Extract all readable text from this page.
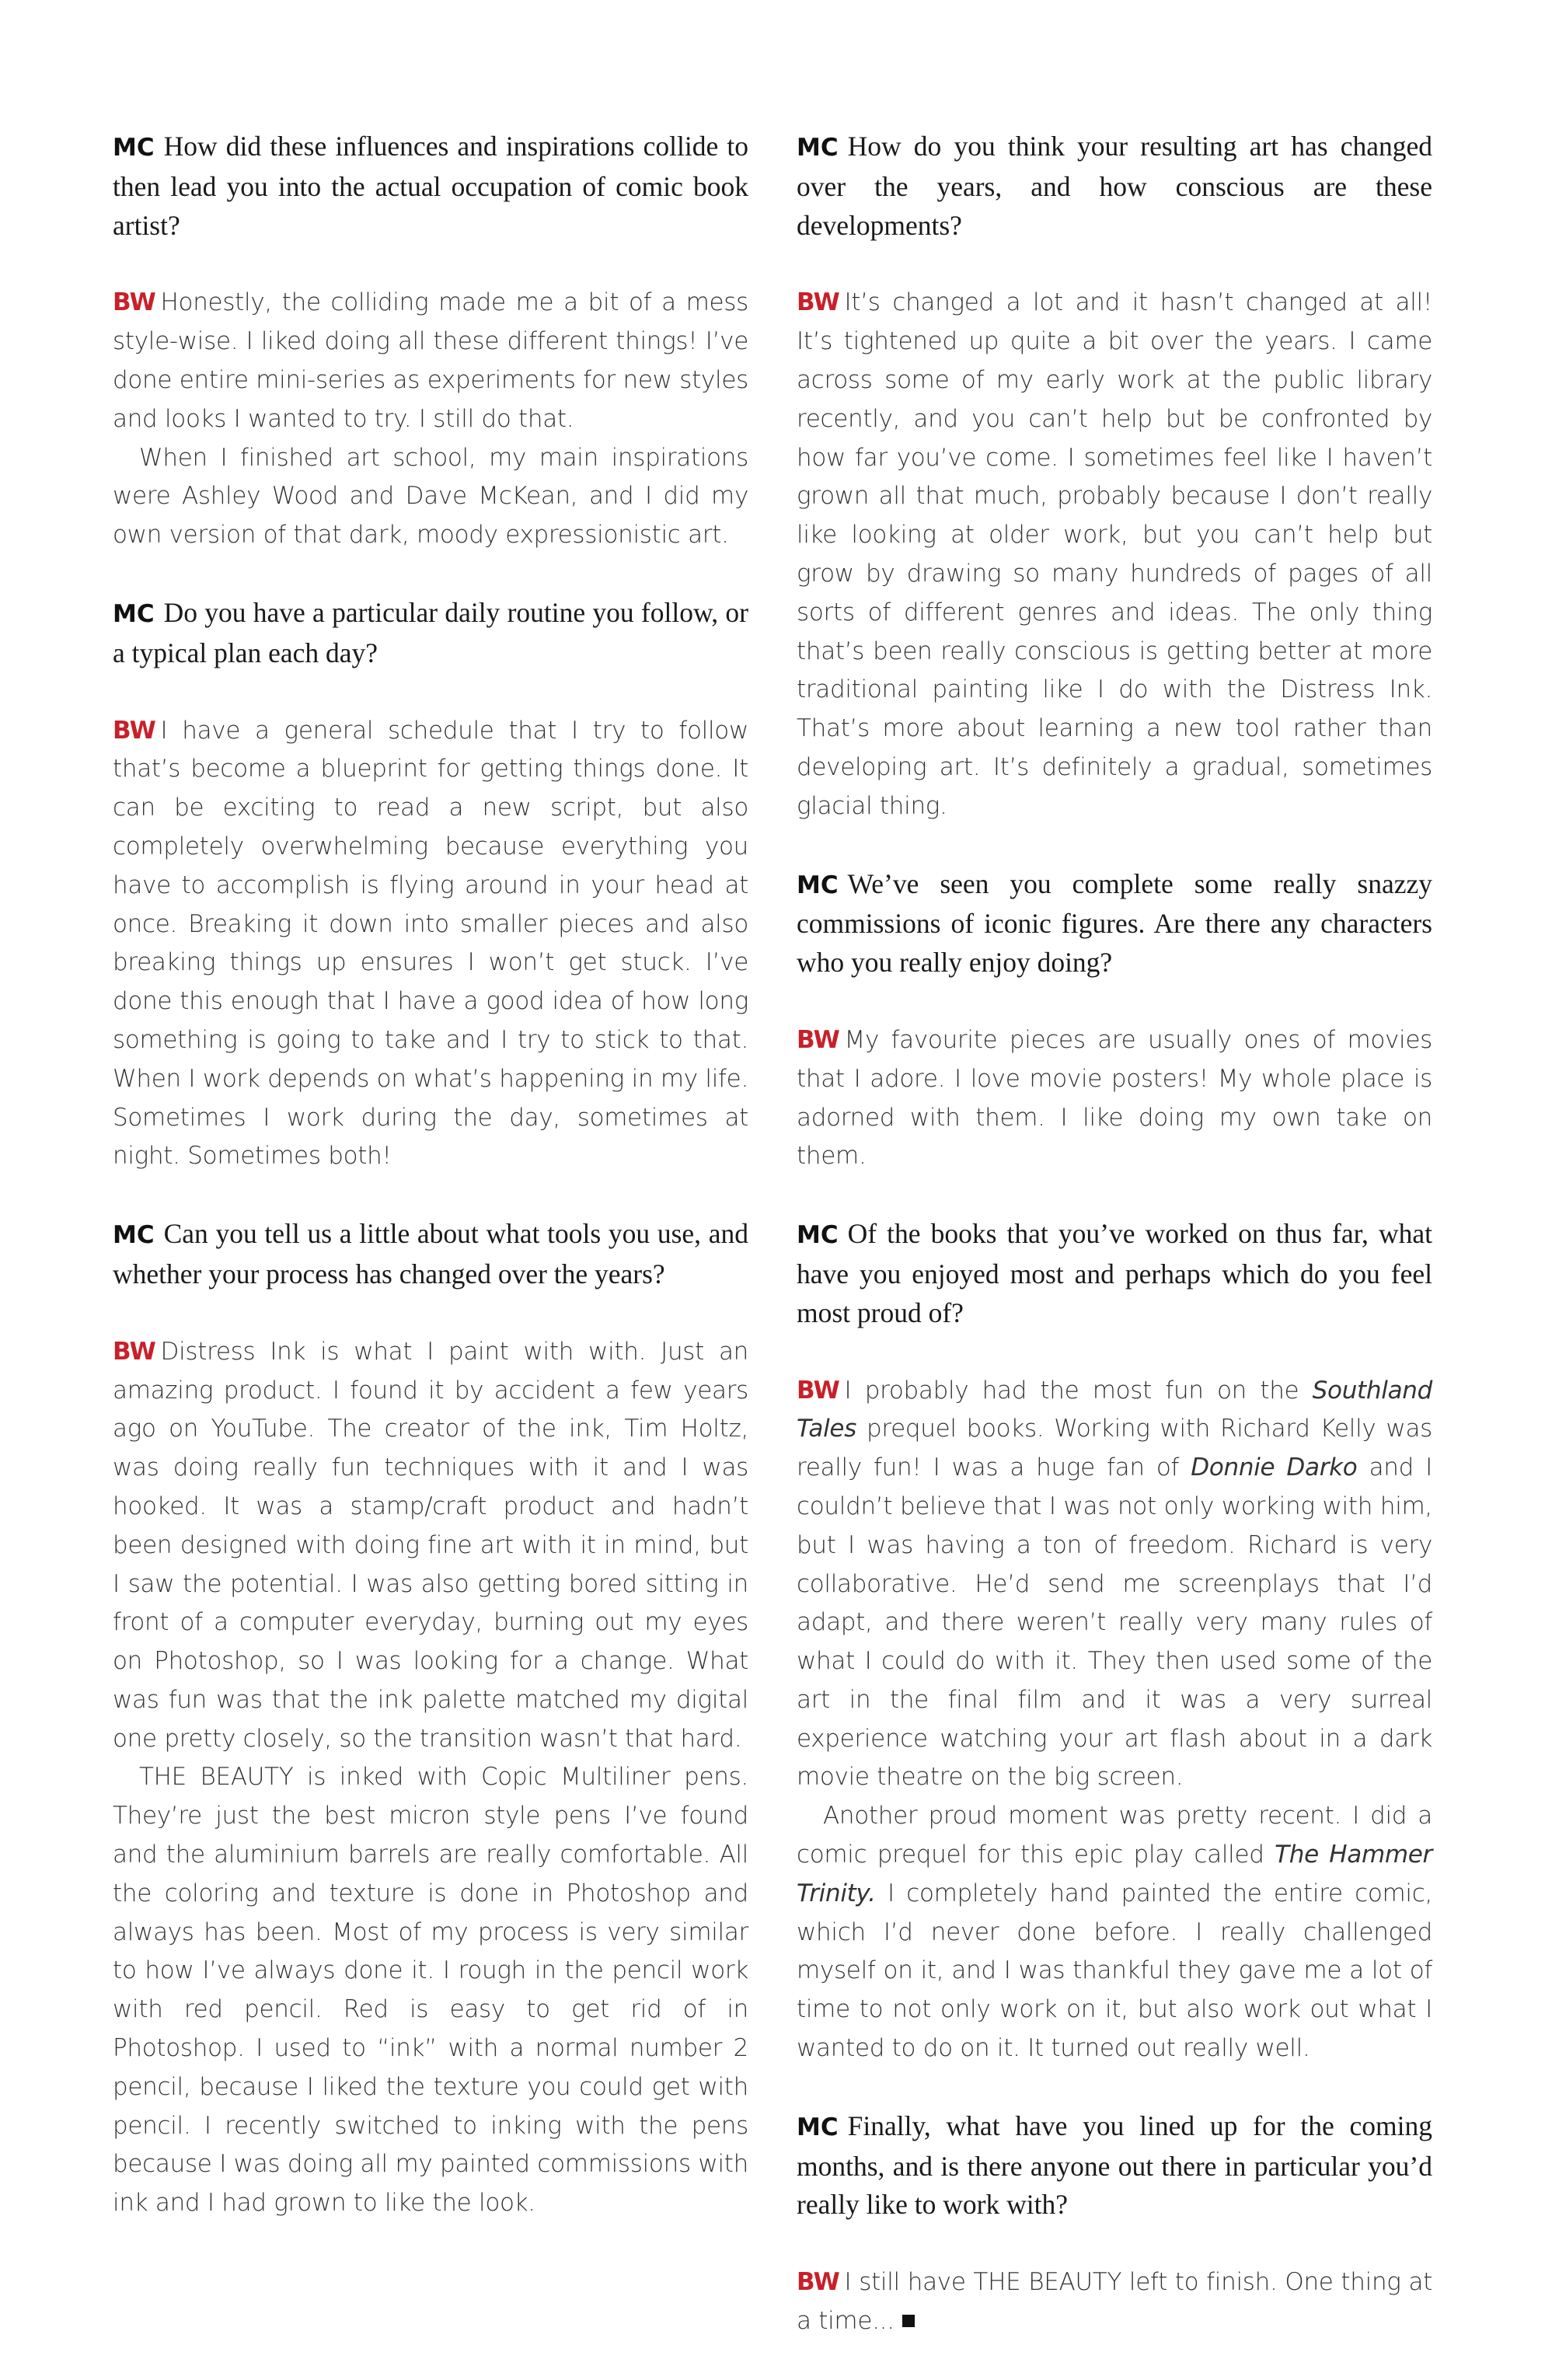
MC How did these influences and inspirations collide to then lead you into the actual occupation of comic book artist?

BW Honestly, the colliding made me a bit of a mess style-wise. I liked doing all these different things! I’ve done entire mini-series as experiments for new styles and looks I wanted to try. I still do that.

When I finished art school, my main inspirations were Ashley Wood and Dave McKean, and I did my own version of that dark, moody expressionistic art.

MC Do you have a particular daily routine you follow, or a typical plan each day?

BW I have a general schedule that I try to follow that’s become a blueprint for getting things done. It can be exciting to read a new script, but also completely overwhelming because everything you have to accomplish is flying around in your head at once. Breaking it down into smaller pieces and also breaking things up ensures I won’t get stuck. I’ve done this enough that I have a good idea of how long something is going to take and I try to stick to that. When I work depends on what’s happening in my life. Sometimes I work during the day, sometimes at night. Sometimes both!

MC Can you tell us a little about what tools you use, and whether your process has changed over the years?

BW Distress Ink is what I paint with with. Just an amazing product. I found it by accident a few years ago on YouTube. The creator of the ink, Tim Holtz, was doing really fun techniques with it and I was hooked. It was a stamp/craft product and hadn’t been designed with doing fine art with it in mind, but I saw the potential. I was also getting bored sitting in front of a computer everyday, burning out my eyes on Photoshop, so I was looking for a change. What was fun was that the ink palette matched my digital one pretty closely, so the transition wasn’t that hard.

THE BEAUTY is inked with Copic Multiliner pens. They’re just the best micron style pens I’ve found and the aluminium barrels are really comfortable. All the coloring and texture is done in Photoshop and always has been. Most of my process is very similar to how I’ve always done it. I rough in the pencil work with red pencil. Red is easy to get rid of in Photoshop. I used to “ink” with a normal number 2 pencil, because I liked the texture you could get with pencil. I recently switched to inking with the pens because I was doing all my painted commissions with ink and I had grown to like the look.

MC How do you think your resulting art has changed over the years, and how conscious are these developments?

BW It’s changed a lot and it hasn’t changed at all! It’s tightened up quite a bit over the years. I came across some of my early work at the public library recently, and you can’t help but be confronted by how far you’ve come. I sometimes feel like I haven’t grown all that much, probably because I don’t really like looking at older work, but you can’t help but grow by drawing so many hundreds of pages of all sorts of different genres and ideas. The only thing that’s been really conscious is getting better at more traditional painting like I do with the Distress Ink. That’s more about learning a new tool rather than developing art. It’s definitely a gradual, sometimes glacial thing.

MC We’ve seen you complete some really snazzy commissions of iconic figures. Are there any characters who you really enjoy doing?

BW My favourite pieces are usually ones of movies that I adore. I love movie posters! My whole place is adorned with them. I like doing my own take on them.

MC Of the books that you’ve worked on thus far, what have you enjoyed most and perhaps which do you feel most proud of?

BW I probably had the most fun on the Southland Tales prequel books. Working with Richard Kelly was really fun! I was a huge fan of Donnie Darko and I couldn’t believe that I was not only working with him, but I was having a ton of freedom. Richard is very collaborative. He’d send me screenplays that I’d adapt, and there weren’t really very many rules of what I could do with it. They then used some of the art in the final film and it was a very surreal experience watching your art flash about in a dark movie theatre on the big screen.

Another proud moment was pretty recent. I did a comic prequel for this epic play called The Hammer Trinity. I completely hand painted the entire comic, which I’d never done before. I really challenged myself on it, and I was thankful they gave me a lot of time to not only work on it, but also work out what I wanted to do on it. It turned out really well.

MC Finally, what have you lined up for the coming months, and is there anyone out there in particular you’d really like to work with?

BW I still have THE BEAUTY left to finish. One thing at a time...
